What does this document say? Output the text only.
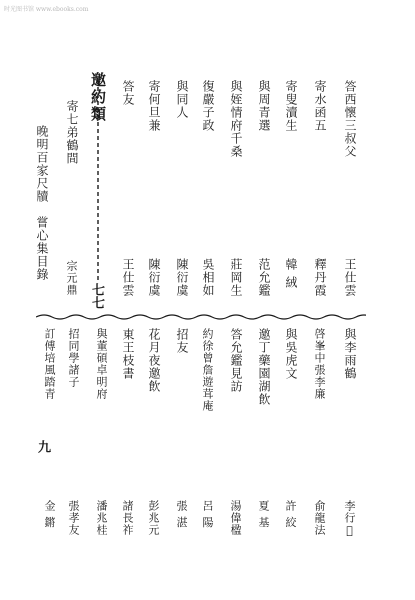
时光图书馆 www.ebooks.com
答西懷三叔父
寄水函五
寄叟瀆生
與周青選
與姪情府千桑
復嚴子政
與同人
寄何旦兼
答友
王仕雲
釋丹霞
韓 絨
范允鑑
莊岡生
吳相如
陳衍虞
陳衍虞
王仕雲
邀約類
七七
寄七弟鶴間
宗元鼎
晚明百家尺牘　嘗心集目錄
與李雨鶴
啓峯中張李廉
與吳虎文
邀丁藥園湖飲
答允鑑見訪
約徐曾詹遊茸庵
招友
花月夜邀飲
東王枝書
與董碩卓明府
招同學諸子
訂傅培風踏青
李行𡊮
俞龍法
許 絞
夏 基
湯偉楹
呂 陽
張 湛
彭兆元
諸長祚
潘兆桂
張孝友
金 鏘
九
